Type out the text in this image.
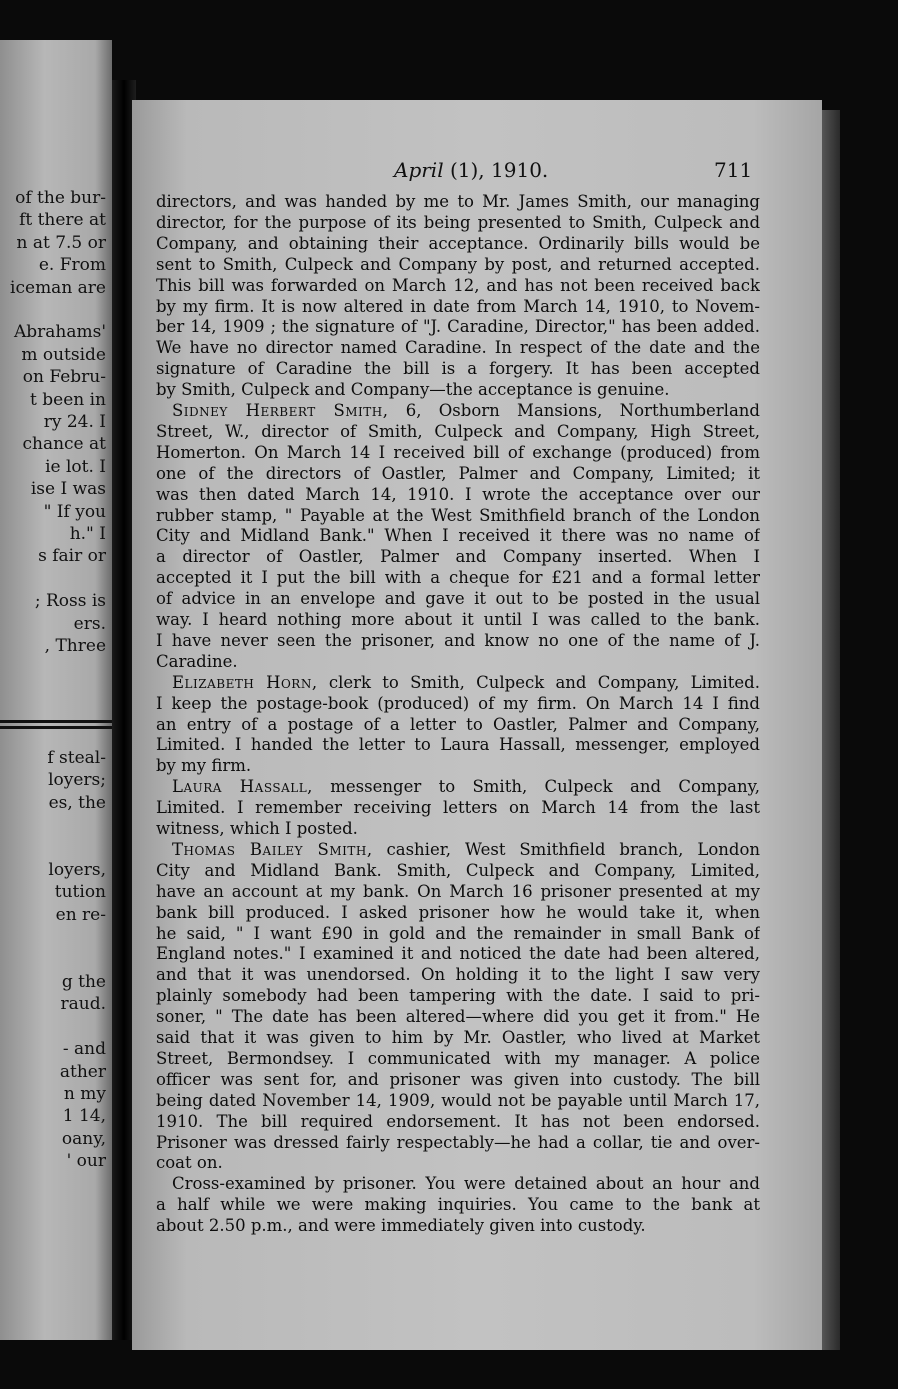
of the bur-
ft there at
n at 7.5 or
e. From
iceman are
Abrahams'
m outside
on Febru-
t been in
ry 24. I
chance at
ie lot. I
ise I was
" If you
h." I
s fair or
; Ross is
ers.
, Three
f steal-
loyers;
es, the
loyers,
tution
en re-
g the
raud.
- and
ather
n my
1 14,
oany,
' our
April (1), 1910.	711
directors, and was handed by me to Mr. James Smith, our managing
director, for the purpose of its being presented to Smith, Culpeck and
Company, and obtaining their acceptance. Ordinarily bills would be
sent to Smith, Culpeck and Company by post, and returned accepted.
This bill was forwarded on March 12, and has not been received back
by my firm. It is now altered in date from March 14, 1910, to Novem-
ber 14, 1909 ; the signature of "J. Caradine, Director," has been added.
We have no director named Caradine. In respect of the date and the
signature of Caradine the bill is a forgery. It has been accepted
by Smith, Culpeck and Company—the acceptance is genuine.
Sidney Herbert Smith, 6, Osborn Mansions, Northumberland
Street, W., director of Smith, Culpeck and Company, High Street,
Homerton. On March 14 I received bill of exchange (produced) from
one of the directors of Oastler, Palmer and Company, Limited; it
was then dated March 14, 1910. I wrote the acceptance over our
rubber stamp, " Payable at the West Smithfield branch of the London
City and Midland Bank." When I received it there was no name of
a director of Oastler, Palmer and Company inserted. When I
accepted it I put the bill with a cheque for £21 and a formal letter
of advice in an envelope and gave it out to be posted in the usual
way. I heard nothing more about it until I was called to the bank.
I have never seen the prisoner, and know no one of the name of J.
Caradine.
Elizabeth Horn, clerk to Smith, Culpeck and Company, Limited.
I keep the postage-book (produced) of my firm. On March 14 I find
an entry of a postage of a letter to Oastler, Palmer and Company,
Limited. I handed the letter to Laura Hassall, messenger, employed
by my firm.
Laura Hassall, messenger to Smith, Culpeck and Company,
Limited. I remember receiving letters on March 14 from the last
witness, which I posted.
Thomas Bailey Smith, cashier, West Smithfield branch, London
City and Midland Bank. Smith, Culpeck and Company, Limited,
have an account at my bank. On March 16 prisoner presented at my
bank bill produced. I asked prisoner how he would take it, when
he said, " I want £90 in gold and the remainder in small Bank of
England notes." I examined it and noticed the date had been altered,
and that it was unendorsed. On holding it to the light I saw very
plainly somebody had been tampering with the date. I said to pri-
soner, " The date has been altered—where did you get it from." He
said that it was given to him by Mr. Oastler, who lived at Market
Street, Bermondsey. I communicated with my manager. A police
officer was sent for, and prisoner was given into custody. The bill
being dated November 14, 1909, would not be payable until March 17,
1910. The bill required endorsement. It has not been endorsed.
Prisoner was dressed fairly respectably—he had a collar, tie and over-
coat on.
Cross-examined by prisoner. You were detained about an hour and
a half while we were making inquiries. You came to the bank at
about 2.50 p.m., and were immediately given into custody.
